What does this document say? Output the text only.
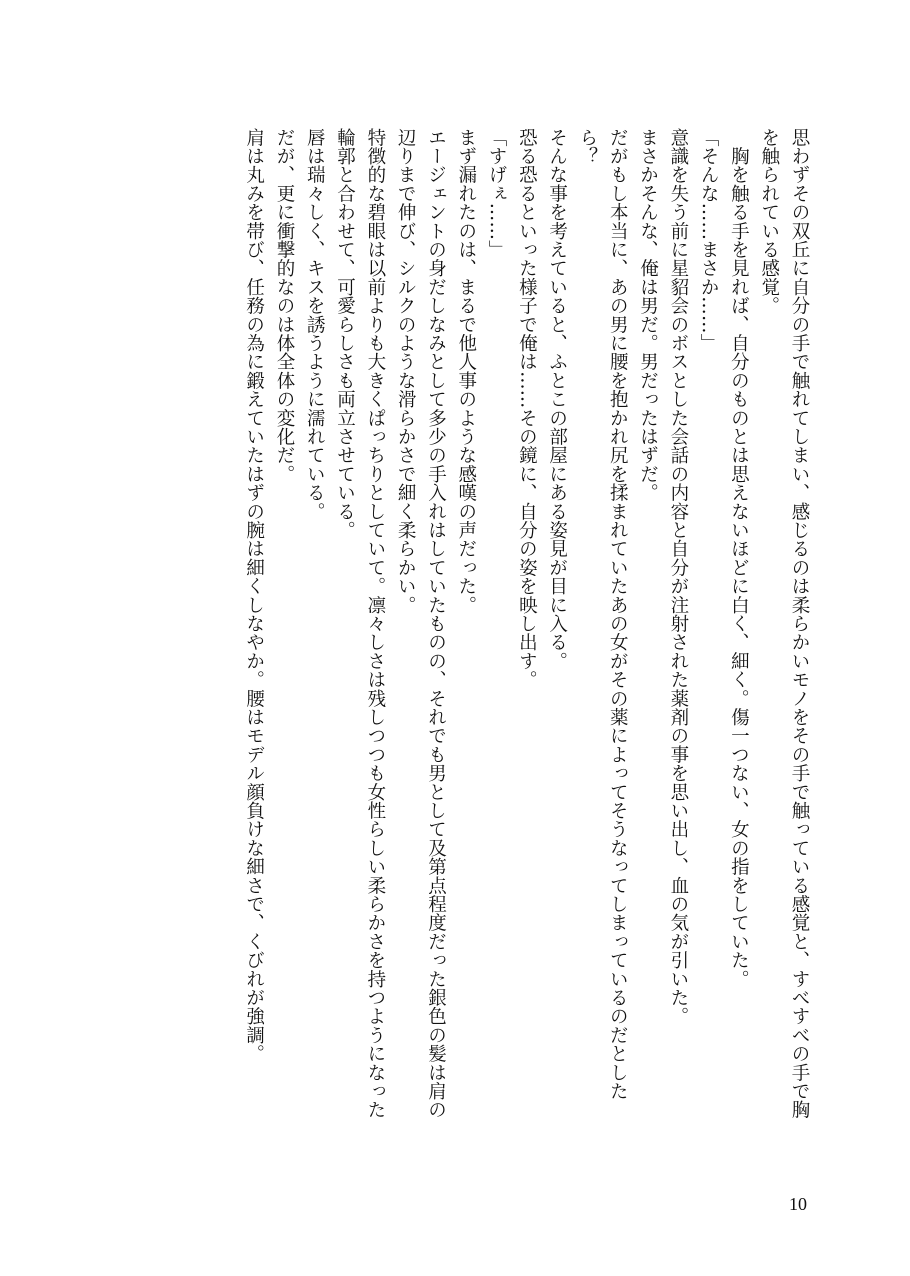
思わずその双丘に自分の手で触れてしまい、感じるのは柔らかいモノをその手で触っている感覚と、すべすべの手で胸を触られている感覚。

　胸を触る手を見れば、自分のものとは思えないほどに白く、細く。傷一つない、女の指をしていた。

「そんな……まさか……」

意識を失う前に星貂会のボスとした会話の内容と自分が注射された薬剤の事を思い出し、血の気が引いた。

まさかそんな、俺は男だ。男だったはずだ。

だがもし本当に、あの男に腰を抱かれ尻を揉まれていたあの女がその薬によってそうなってしまっているのだとしたら？

そんな事を考えていると、ふとこの部屋にある姿見が目に入る。

恐る恐るといった様子で俺は……その鏡に、自分の姿を映し出す。

「すげぇ……」

まず漏れたのは、まるで他人事のような感嘆の声だった。

エージェントの身だしなみとして多少の手入れはしていたものの、それでも男として及第点程度だった銀色の髪は肩の辺りまで伸び、シルクのような滑らかさで細く柔らかい。

特徴的な碧眼は以前よりも大きくぱっちりとしていて。凛々しさは残しつつも女性らしい柔らかさを持つようになった輪郭と合わせて、可愛らしさも両立させている。

唇は瑞々しく、キスを誘うように濡れている。

だが、更に衝撃的なのは体全体の変化だ。

肩は丸みを帯び、任務の為に鍛えていたはずの腕は細くしなやか。腰はモデル顔負けな細さで、くびれが強調。

10
